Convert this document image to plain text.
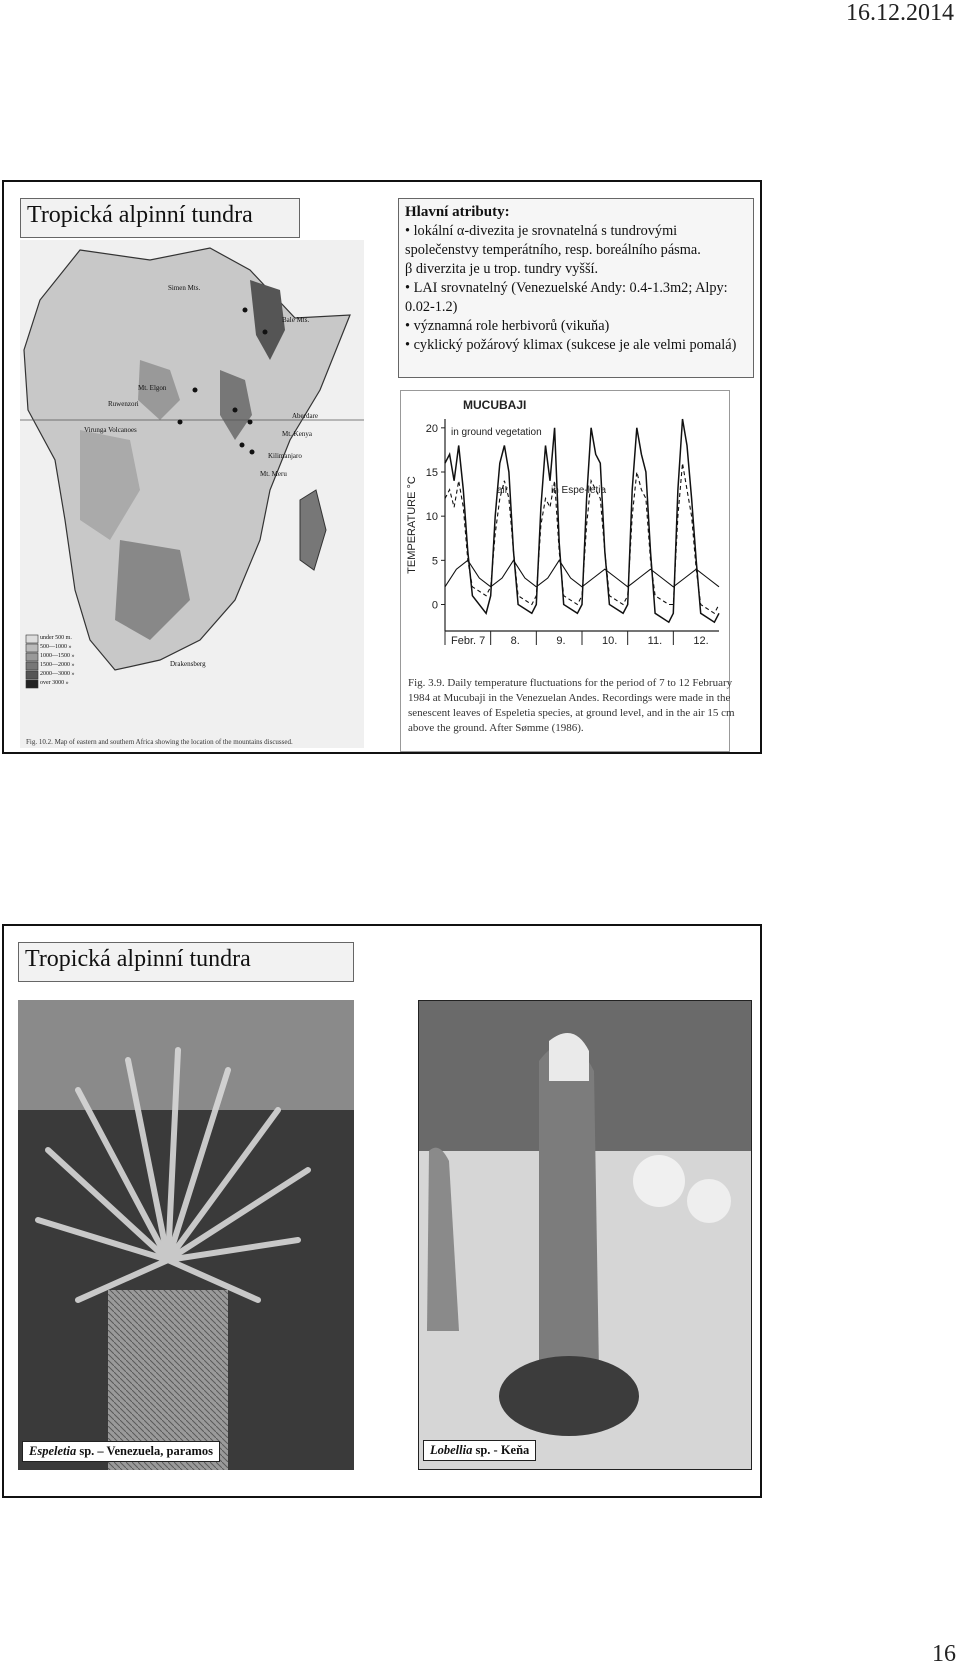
16.12.2014
Tropická alpinní tundra
Simen Mts.
Bale Mts.
Mt. Elgon
Aberdare
Ruwenzori
Virunga Volcanoes	Mt. Kenya
Kilimanjaro
Mt. Meru
Drakensberg
under 500 m.
500—1000 »
1000—1500 »
1500—2000 »
2000—3000 »
over 3000 »
Fig. 10.2. Map of eastern and southern Africa showing the location of the mountains discussed.
Hlavní atributy:
• lokální α-divezita je srovnatelná s tundrovými společenstvy temperátního, resp. boreálního pásma.
β diverzita je u trop. tundry vyšší.
• LAI srovnatelný (Venezuelské Andy: 0.4-1.3m2; Alpy: 0.02-1.2)
• významná role herbivorů (vikuňa)
• cyklický požárový klimax (sukcese je ale velmi pomalá)
0
5
10
15
20
Febr. 7 8.	9.	10.	11.	12.
TEMPERATURE °C
MUCUBAJI
in ground vegetation
air	in Espe-letia
Fig. 3.9. Daily temperature fluctuations for the period of 7 to 12 February 1984 at Mucubaji in the Venezuelan Andes. Recordings were made in the senescent leaves of Espeletia species, at ground level, and in the air 15 cm above the ground. After Sømme (1986).
Tropická alpinní tundra
Espeletia sp. – Venezuela, paramos	Lobellia sp. - Keňa
16
